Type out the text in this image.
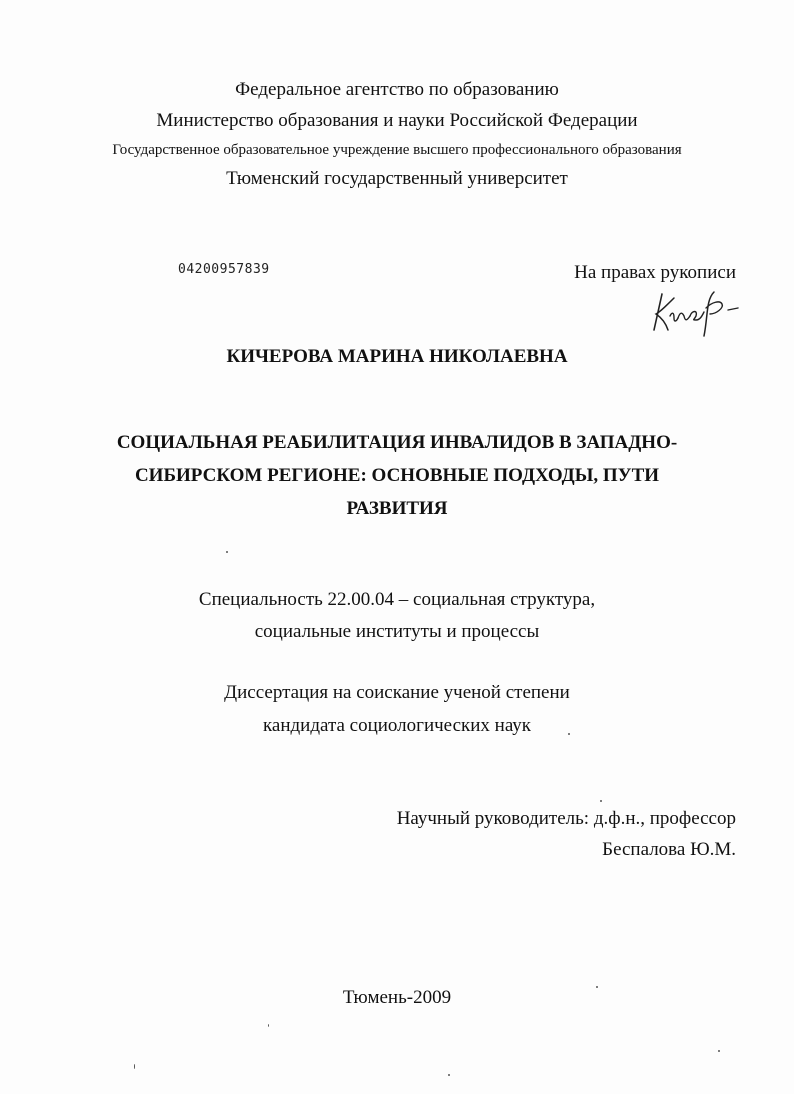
Федеральное агентство по образованию
Министерство образования и науки Российской Федерации
Государственное образовательное учреждение высшего профессионального образования
Тюменский государственный университет
04200957839	На правах рукописи
КИЧЕРОВА МАРИНА НИКОЛАЕВНА
СОЦИАЛЬНАЯ РЕАБИЛИТАЦИЯ ИНВАЛИДОВ В ЗАПАДНО-
СИБИРСКОМ РЕГИОНЕ: ОСНОВНЫЕ ПОДХОДЫ, ПУТИ
РАЗВИТИЯ
Специальность 22.00.04 – социальная структура,
социальные институты и процессы
Диссертация на соискание ученой степени
кандидата социологических наук
Научный руководитель: д.ф.н., профессор
Беспалова Ю.М.
Тюмень-2009
